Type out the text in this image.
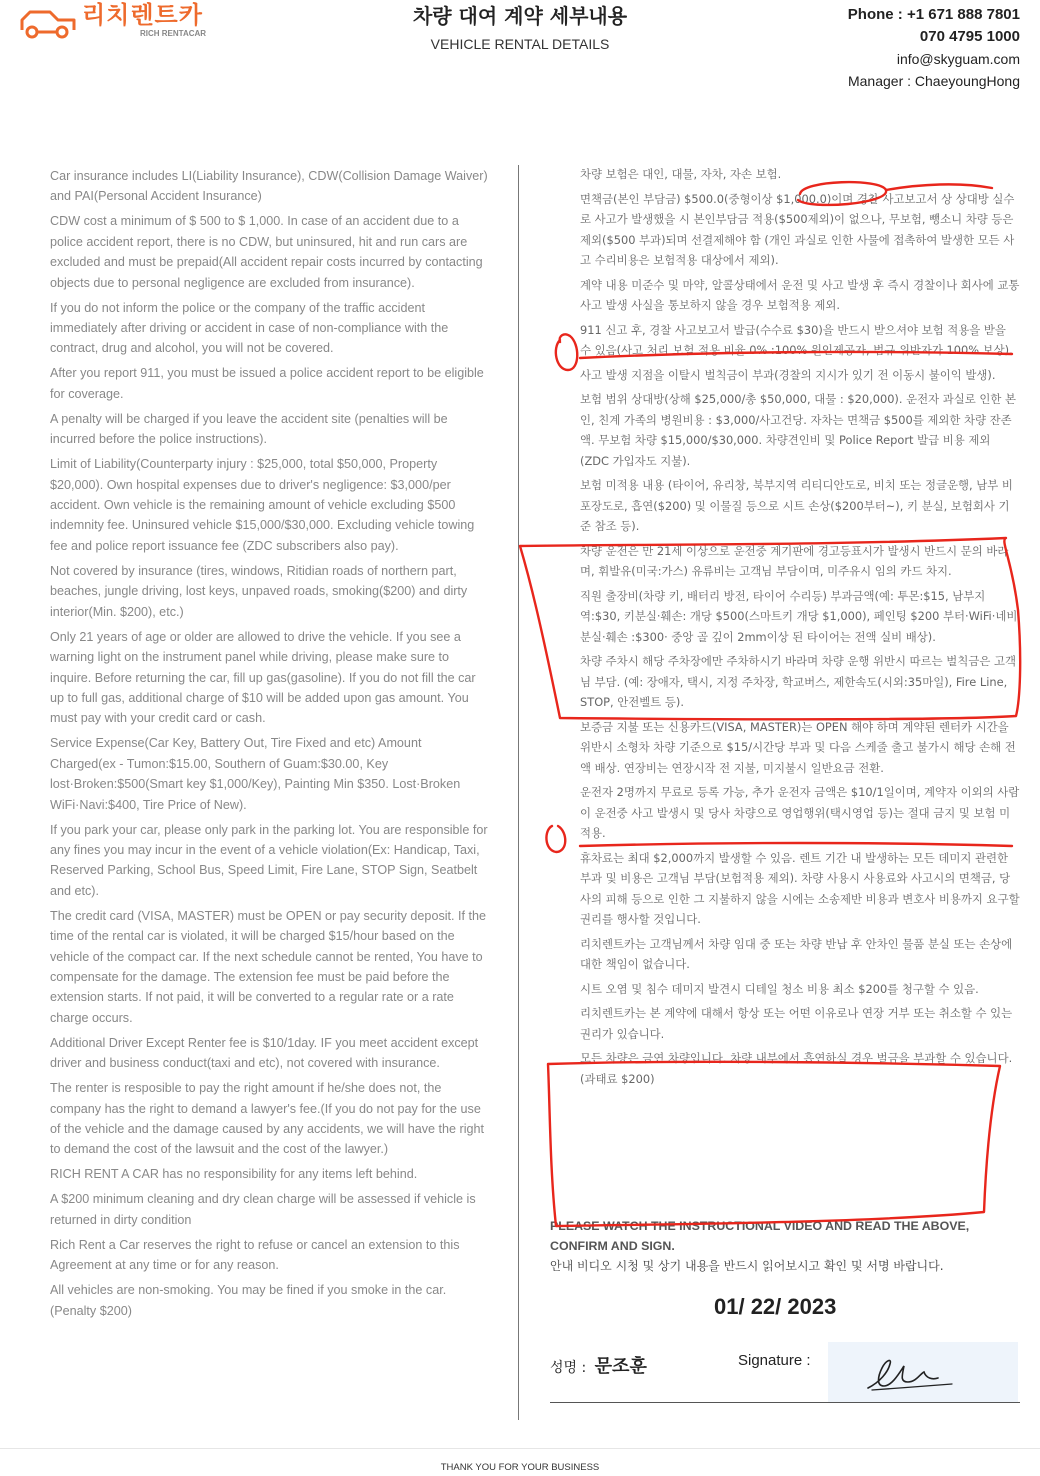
리치렌트카
RICH RENTACAR
차량 대여 계약 세부내용
VEHICLE RENTAL DETAILS
Phone : +1 671 888 7801
070 4795 1000
info@skyguam.com
Manager : ChaeyoungHong

Car insurance includes LI(Liability Insurance), CDW(Collision Damage Waiver) and PAI(Personal Accident Insurance)

CDW cost a minimum of $ 500 to $ 1,000. In case of an accident due to a police accident report, there is no CDW, but uninsured, hit and run cars are excluded and must be prepaid(All accident repair costs incurred by contacting objects due to personal negligence are excluded from insurance).

If you do not inform the police or the company of the traffic accident immediately after driving or accident in case of non-compliance with the contract, drug and alcohol, you will not be covered.

After you report 911, you must be issued a police accident report to be eligible for coverage.

A penalty will be charged if you leave the accident site (penalties will be incurred before the police instructions).

Limit of Liability(Counterparty injury : $25,000, total $50,000, Property $20,000). Own hospital expenses due to driver's negligence: $3,000/per accident. Own vehicle is the remaining amount of vehicle excluding $500 indemnity fee. Uninsured vehicle $15,000/$30,000. Excluding vehicle towing fee and police report issuance fee (ZDC subscribers also pay).

Not covered by insurance (tires, windows, Ritidian roads of northern part, beaches, jungle driving, lost keys, unpaved roads, smoking($200) and dirty interior(Min. $200), etc.)

Only 21 years of age or older are allowed to drive the vehicle. If you see a warning light on the instrument panel while driving, please make sure to inquire. Before returning the car, fill up gas(gasoline). If you do not fill the car up to full gas, additional charge of $10 will be added upon gas amount. You must pay with your credit card or cash.

Service Expense(Car Key, Battery Out, Tire Fixed and etc) Amount Charged(ex - Tumon:$15.00, Southern of Guam:$30.00, Key lost·Broken:$500(Smart key $1,000/Key), Painting Min $350. Lost·Broken WiFi·Navi:$400, Tire Price of New).

If you park your car, please only park in the parking lot. You are responsible for any fines you may incur in the event of a vehicle violation(Ex: Handicap, Taxi, Reserved Parking, School Bus, Speed Limit, Fire Lane, STOP Sign, Seatbelt and etc).

The credit card (VISA, MASTER) must be OPEN or pay security deposit. If the time of the rental car is violated, it will be charged $15/hour based on the vehicle of the compact car. If the next schedule cannot be rented, You have to compensate for the damage. The extension fee must be paid before the extension starts. If not paid, it will be converted to a regular rate or a rate charge occurs.

Additional Driver Except Renter fee is $10/1day. IF you meet accident except driver and business conduct(taxi and etc), not covered with insurance.

The renter is resposible to pay the right amount if he/she does not, the company has the right to demand a lawyer's fee.(If you do not pay for the use of the vehicle and the damage caused by any accidents, we will have the right to demand the cost of the lawsuit and the cost of the lawyer.)

RICH RENT A CAR has no responsibility for any items left behind.

A $200 minimum cleaning and dry clean charge will be assessed if vehicle is returned in dirty condition

Rich Rent a Car reserves the right to refuse or cancel an extension to this Agreement at any time or for any reason.

All vehicles are non-smoking. You may be fined if you smoke in the car. (Penalty $200)

차량 보험은 대인, 대물, 자차, 자손 보험.

면책금(본인 부담금) $500.0(중형이상 $1,000.0)이며 경찰 사고보고서 상 상대방 실수로 사고가 발생했을 시 본인부담금 적용($500제외)이 없으나, 무보험, 뺑소니 차량 등은 제외($500 부과)되며 선결제해야 함 (개인 과실로 인한 사물에 접촉하여 발생한 모든 사고 수리비용은 보험적용 대상에서 제외).

계약 내용 미준수 및 마약, 알콜상태에서 운전 및 사고 발생 후 즉시 경찰이나 회사에 교통 사고 발생 사실을 통보하지 않을 경우 보험적용 제외.

911 신고 후, 경찰 사고보고서 발급(수수료 $30)을 반드시 받으셔야 보험 적용을 받을 수 있음(사고 처리 보험 적용 비율 0% :100% 원인제공자, 법규 위반자가 100% 보상).

사고 발생 지점을 이탈시 벌칙금이 부과(경찰의 지시가 있기 전 이동시 불이익 발생).

보험 범위 상대방(상해 $25,000/총 $50,000, 대물 : $20,000). 운전자 과실로 인한 본인, 친계 가족의 병원비용 : $3,000/사고건당. 자차는 면책금 $500를 제외한 차량 잔존액. 무보험 차량 $15,000/$30,000. 차량견인비 및 Police Report 발급 비용 제외 (ZDC 가입자도 지불).

보험 미적용 내용 (타이어, 유리창, 북부지역 리티디안도로, 비치 또는 정글운행, 남부 비포장도로, 흡연($200) 및 이물질 등으로 시트 손상($200부터~), 키 분실, 보험회사 기준 참조 등).

차량 운전은 만 21세 이상으로 운전중 계기판에 경고등표시가 발생시 반드시 문의 바라며, 휘발유(미국:가스) 유류비는 고객님 부담이며, 미주유시 임의 카드 차지.

직원 출장비(차량 키, 배터리 방전, 타이어 수리등) 부과금액(예: 투몬:$15, 남부지역:$30, 키분실·훼손: 개당 $500(스마트키 개당 $1,000), 페인팅 $200 부터·WiFi·네비 분실·훼손 :$300· 중앙 골 깊이 2mm이상 된 타이어는 전액 실비 배상).

차량 주차시 해당 주차장에만 주차하시기 바라며 차량 운행 위반시 따르는 벌칙금은 고객님 부담. (예: 장애자, 택시, 지정 주차장, 학교버스, 제한속도(시외:35마일), Fire Line, STOP, 안전벨트 등).

보증금 지불 또는 신용카드(VISA, MASTER)는 OPEN 해야 하며 계약된 렌터카 시간을 위반시 소형차 차량 기준으로 $15/시간당 부과 및 다음 스케줄 출고 불가시 해당 손해 전액 배상. 연장비는 연장시작 전 지불, 미지불시 일반요금 전환.

운전자 2명까지 무료로 등록 가능, 추가 운전자 금액은 $10/1일이며, 계약자 이외의 사람이 운전중 사고 발생시 및 당사 차량으로 영업행위(택시영업 등)는 절대 금지 및 보험 미적용.

휴차료는 최대 $2,000까지 발생할 수 있음. 렌트 기간 내 발생하는 모든 데미지 관련한 부과 및 비용은 고객님 부담(보험적용 제외). 차량 사용시 사용료와 사고시의 면책금, 당사의 피해 등으로 인한 그 지불하지 않을 시에는 소송제반 비용과 변호사 비용까지 요구할 권리를 행사할 것입니다.

리치렌트카는 고객님께서 차량 임대 중 또는 차량 반납 후 안차인 물품 분실 또는 손상에 대한 책임이 없습니다.

시트 오염 및 침수 데미지 발견시 디테일 청소 비용 최소 $200를 청구할 수 있음.

리치렌트카는 본 계약에 대해서 항상 또는 어떤 이유로나 연장 거부 또는 취소할 수 있는 권리가 있습니다.

모든 차량은 금연 차량입니다. 차량 내부에서 흡연하실 경우 벌금을 부과할 수 있습니다. (과태료 $200)

PLEASE WATCH THE INSTRUCTIONAL VIDEO AND READ THE ABOVE,
CONFIRM AND SIGN.
안내 비디오 시청 및 상기 내용을 반드시 읽어보시고 확인 및 서명 바랍니다.
01/ 22/ 2023
성명 : 문조훈	Signature :
THANK YOU FOR YOUR BUSINESS
